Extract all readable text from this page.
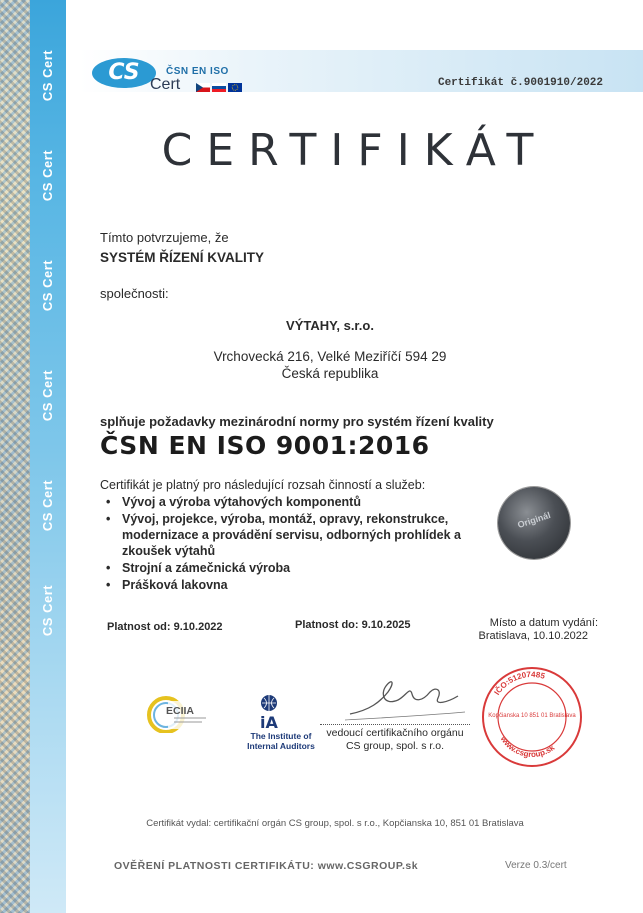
CS Cert
CS Cert
CS Cert
CS Cert
CS Cert
CS Cert
CS	ČSN EN ISO
Cert	Certifikát č.9001910/2022
CERTIFIKÁT
Tímto potvrzujeme, že
SYSTÉM ŘÍZENÍ KVALITY
společnosti:
VÝTAHY, s.r.o.
Vrchovecká 216, Velké Meziříčí 594 29
Česká republika
splňuje požadavky mezinárodní normy pro systém řízení kvality
ČSN EN ISO 9001:2016
Certifikát je platný pro následující rozsah činností a služeb:
• Vývoj a výroba výtahových komponentů
• Vývoj, projekce, výroba, montáž, opravy, rekonstrukce, modernizace a provádění servisu, odborných prohlídek a zkoušek výtahů
• Strojní a zámečnická výroba
• Prášková lakovna
Originál
Platnost od: 9.10.2022	Platnost do: 9.10.2025	Místo a datum vydání:
Bratislava, 10.10.2022
ECIIA
iA
The Institute of
Internal Auditors
vedoucí certifikačního orgánu
CS group, spol. s r.o.
IČO:51207485
www.csgroup.sk
Kopčianska 10 851 01 Bratislava
Certifikát vydal: certifikační orgán CS group, spol. s r.o., Kopčianska 10, 851 01 Bratislava
OVĚŘENÍ PLATNOSTI CERTIFIKÁTU: www.CSGROUP.sk	Verze 0.3/cert
